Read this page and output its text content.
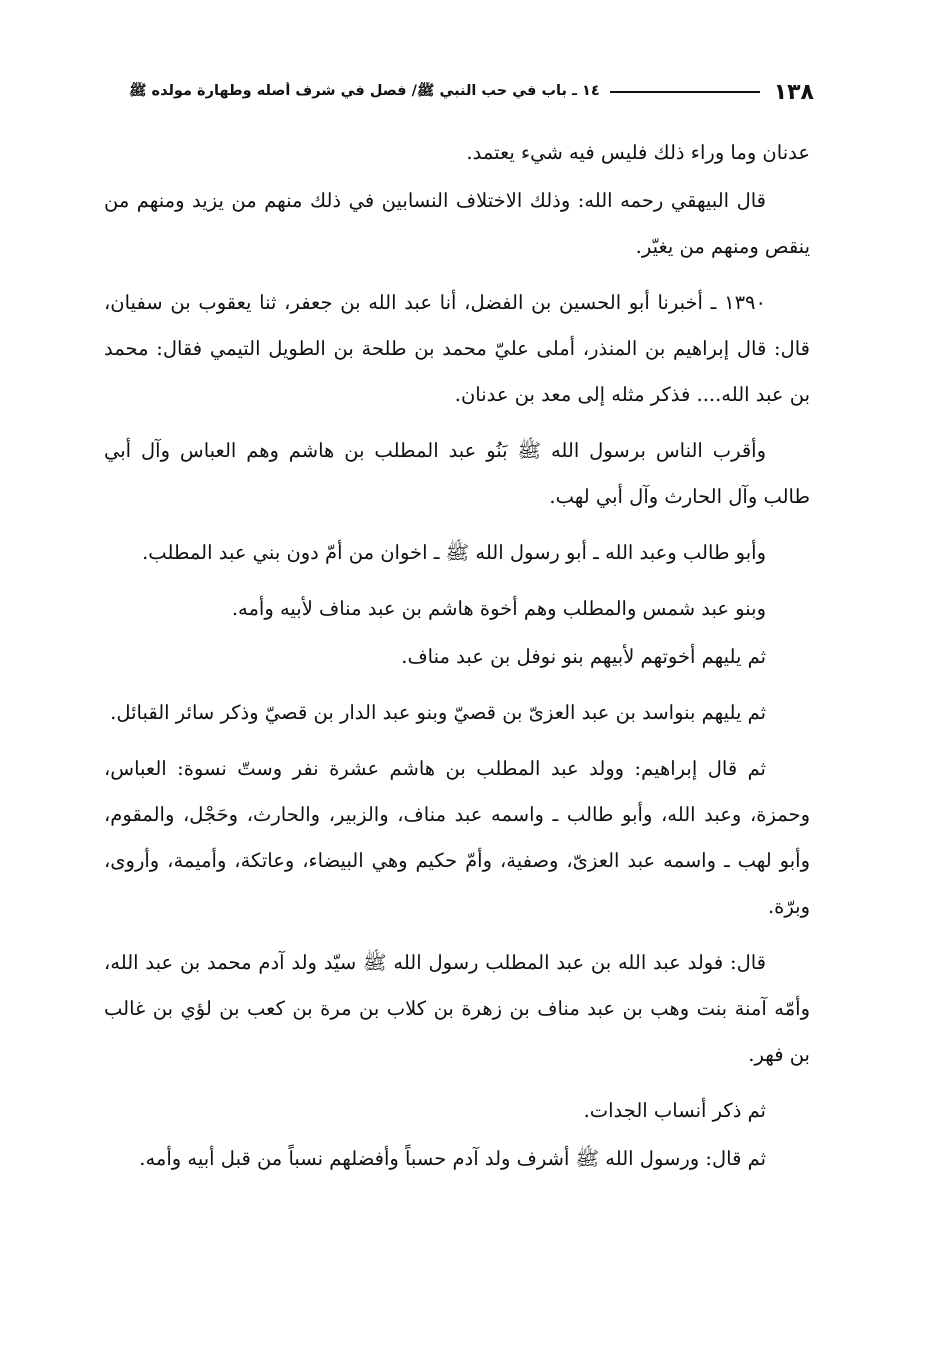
١٣٨
١٤ ـ باب في حب النبي ﷺ/ فصل في شرف أصله وطهارة مولده ﷺ

عدنان وما وراء ذلك فليس فيه شيء يعتمد.

قال البيهقي رحمه الله: وذلك الاختلاف النسابين في ذلك منهم من يزيد ومنهم من ينقص ومنهم من يغيّر.

١٣٩٠ ـ أخبرنا أبو الحسين بن الفضل، أنا عبد الله بن جعفر، ثنا يعقوب بن سفيان، قال: قال إبراهيم بن المنذر، أملى عليّ محمد بن طلحة بن الطويل التيمي فقال: محمد بن عبد الله.... فذكر مثله إلى معد بن عدنان.

وأقرب الناس برسول الله ﷺ بَنُو عبد المطلب بن هاشم وهم العباس وآل أبي طالب وآل الحارث وآل أبي لهب.

وأبو طالب وعبد الله ـ أبو رسول الله ﷺ ـ اخوان من أمّ دون بني عبد المطلب.

وبنو عبد شمس والمطلب وهم أخوة هاشم بن عبد مناف لأبيه وأمه.

ثم يليهم أخوتهم لأبيهم بنو نوفل بن عبد مناف.

ثم يليهم بنواسد بن عبد العزىّ بن قصيّ وبنو عبد الدار بن قصيّ وذكر سائر القبائل.

ثم قال إبراهيم: وولد عبد المطلب بن هاشم عشرة نفر وستّ نسوة: العباس، وحمزة، وعبد الله، وأبو طالب ـ واسمه عبد مناف، والزبير، والحارث، وحَجْل، والمقوم، وأبو لهب ـ واسمه عبد العزىّ، وصفية، وأمّ حكيم وهي البيضاء، وعاتكة، وأميمة، وأروى، وبرّة.

قال: فولد عبد الله بن عبد المطلب رسول الله ﷺ سيّد ولد آدم محمد بن عبد الله، وأمّه آمنة بنت وهب بن عبد مناف بن زهرة بن كلاب بن مرة بن كعب بن لؤي بن غالب بن فهر.

ثم ذكر أنساب الجدات.

ثم قال: ورسول الله ﷺ أشرف ولد آدم حسباً وأفضلهم نسباً من قبل أبيه وأمه.
